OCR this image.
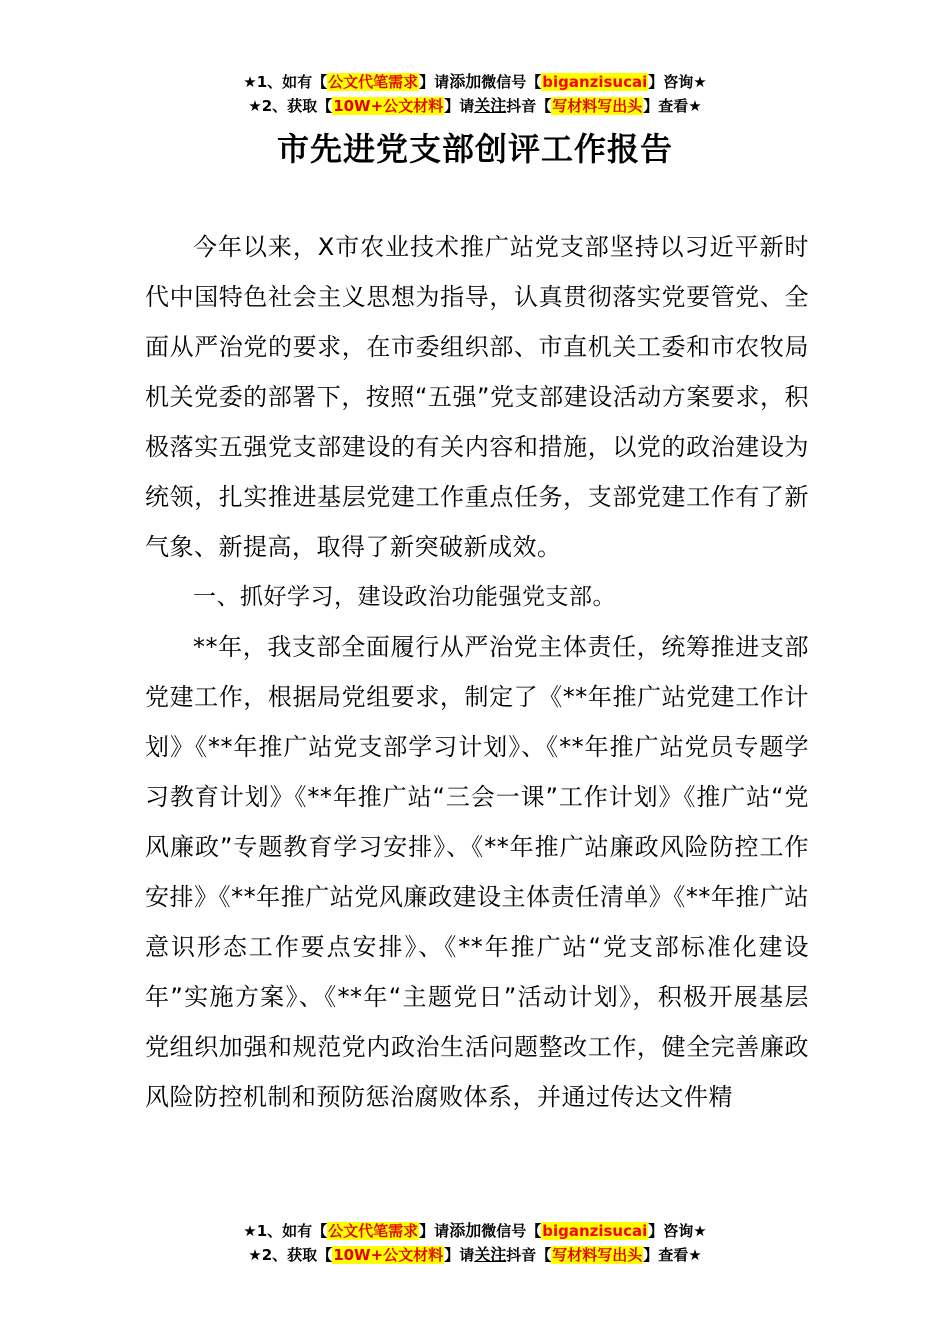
★1、如有【公文代笔需求】请添加微信号【biganzisucai】咨询★
★2、获取【10W+公文材料】请关注抖音【写材料写出头】查看★
市先进党支部创评工作报告

今年以来，X市农业技术推广站党支部坚持以习近平新时代中国特色社会主义思想为指导，认真贯彻落实党要管党、全面从严治党的要求，在市委组织部、市直机关工委和市农牧局机关党委的部署下，按照“五强”党支部建设活动方案要求，积极落实五强党支部建设的有关内容和措施，以党的政治建设为统领，扎实推进基层党建工作重点任务，支部党建工作有了新气象、新提高，取得了新突破新成效。

一、抓好学习，建设政治功能强党支部。

**年，我支部全面履行从严治党主体责任，统筹推进支部党建工作，根据局党组要求，制定了《**年推广站党建工作计划》《**年推广站党支部学习计划》、《**年推广站党员专题学习教育计划》《**年推广站“三会一课”工作计划》《推广站“党风廉政”专题教育学习安排》、《**年推广站廉政风险防控工作安排》《**年推广站党风廉政建设主体责任清单》《**年推广站意识形态工作要点安排》、《**年推广站“党支部标准化建设年”实施方案》、《**年“主题党日”活动计划》，积极开展基层党组织加强和规范党内政治生活问题整改工作，健全完善廉政风险防控机制和预防惩治腐败体系，并通过传达文件精

★1、如有【公文代笔需求】请添加微信号【biganzisucai】咨询★
★2、获取【10W+公文材料】请关注抖音【写材料写出头】查看★
